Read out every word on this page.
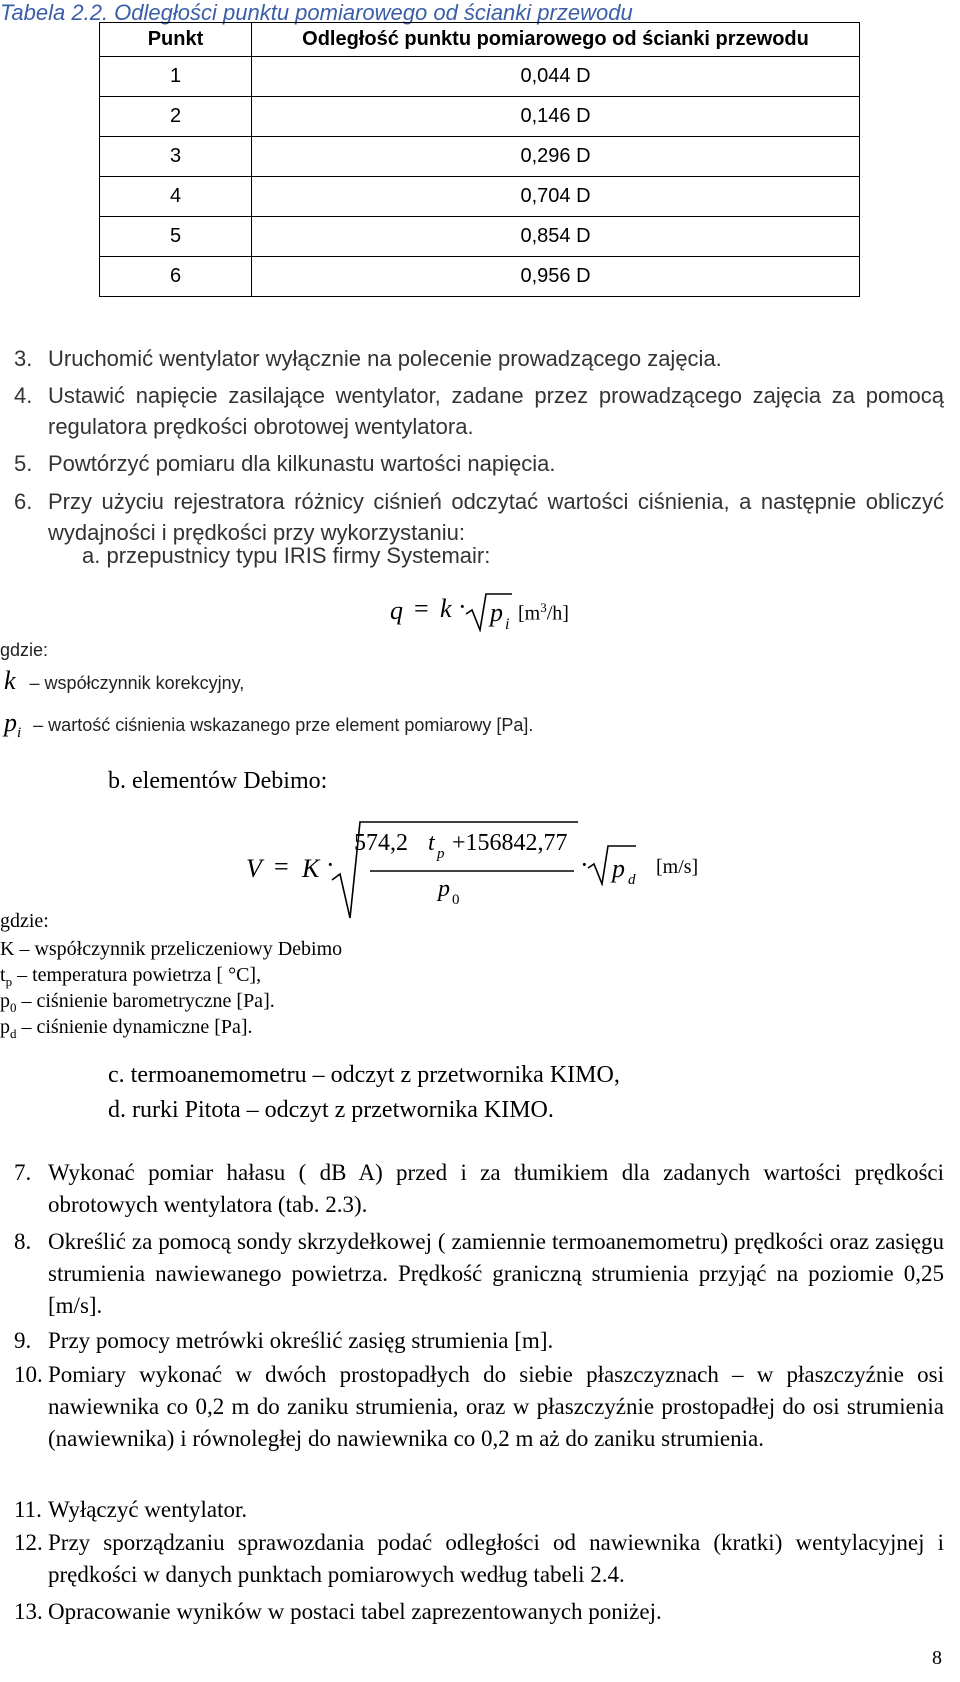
Tabela 2.2. Odległości punktu pomiarowego od ścianki przewodu
Punkt	Odległość punktu pomiarowego od ścianki przewodu
1	0,044 D
2	0,146 D
3	0,296 D
4	0,704 D
5	0,854 D
6	0,956 D
3. Uruchomić wentylator wyłącznie na polecenie prowadzącego zajęcia.
4. Ustawić napięcie zasilające wentylator, zadane przez prowadzącego zajęcia za pomocą regulatora prędkości obrotowej wentylatora.
5. Powtórzyć pomiaru dla kilkunastu wartości napięcia.
6. Przy użyciu rejestratora różnicy ciśnień odczytać wartości ciśnienia, a następnie obliczyć wydajności i prędkości przy wykorzystaniu:
a. przepustnicy typu IRIS firmy Systemair:
q = k · p i $[m^3/h]$
gdzie:
k – współczynnik korekcyjny,
pi – wartość ciśnienia wskazanego prze element pomiarowy [Pa].
b. elementów Debimo:
V = K ·
574,2 t p +156842,77
p 0
· p d
[m/s]
gdzie:
K – współczynnik przeliczeniowy Debimo
$t_p$ – temperatura powietrza [ °C],
$p_0$ – ciśnienie barometryczne [Pa].
$p_d$ – ciśnienie dynamiczne [Pa].
c. termoanemometru – odczyt z przetwornika KIMO,
d. rurki Pitota – odczyt z przetwornika KIMO.
7. Wykonać pomiar hałasu ( dB A) przed i za tłumikiem dla zadanych wartości prędkości obrotowych wentylatora (tab. 2.3).
8. Określić za pomocą sondy skrzydełkowej ( zamiennie termoanemometru) prędkości oraz zasięgu strumienia nawiewanego powietrza. Prędkość graniczną strumienia przyjąć na poziomie 0,25 [m/s].
9. Przy pomocy metrówki określić zasięg strumienia [m].
10. Pomiary wykonać w dwóch prostopadłych do siebie płaszczyznach – w płaszczyźnie osi nawiewnika co 0,2 m do zaniku strumienia, oraz w płaszczyźnie prostopadłej do osi strumienia (nawiewnika) i równoległej do nawiewnika co 0,2 m aż do zaniku strumienia.
11. Wyłączyć wentylator.
12. Przy sporządzaniu sprawozdania podać odległości od nawiewnika (kratki) wentylacyjnej i prędkości w danych punktach pomiarowych według tabeli 2.4.
13. Opracowanie wyników w postaci tabel zaprezentowanych poniżej.
8
